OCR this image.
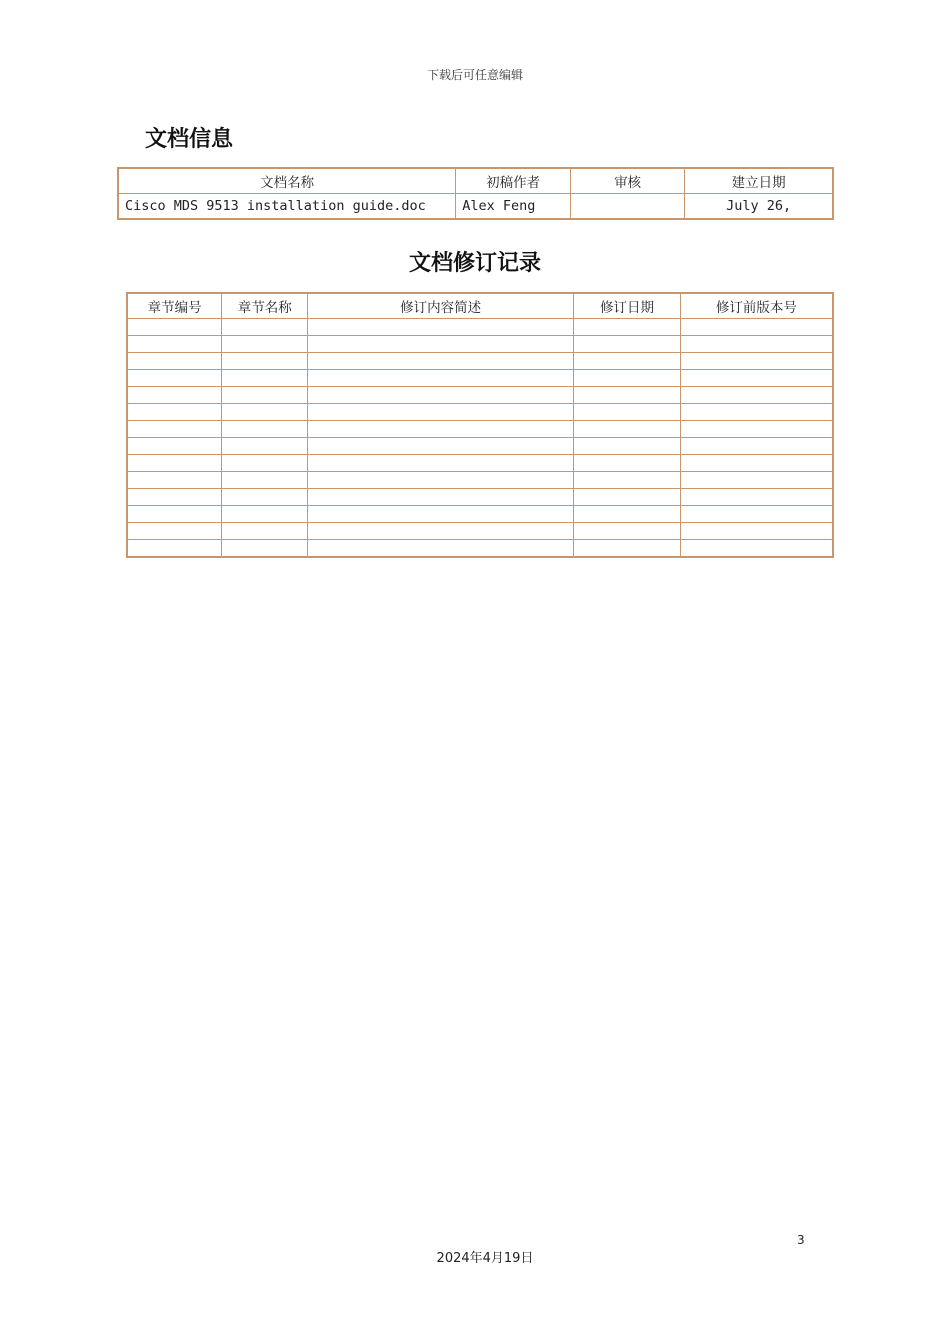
下载后可任意编辑
文档信息
文档名称	初稿作者	审核	建立日期
Cisco MDS 9513 installation guide.doc	Alex Feng		July 26,
文档修订记录
章节编号	章节名称	修订内容简述	修订日期	修订前版本号

3
2024年4月19日
